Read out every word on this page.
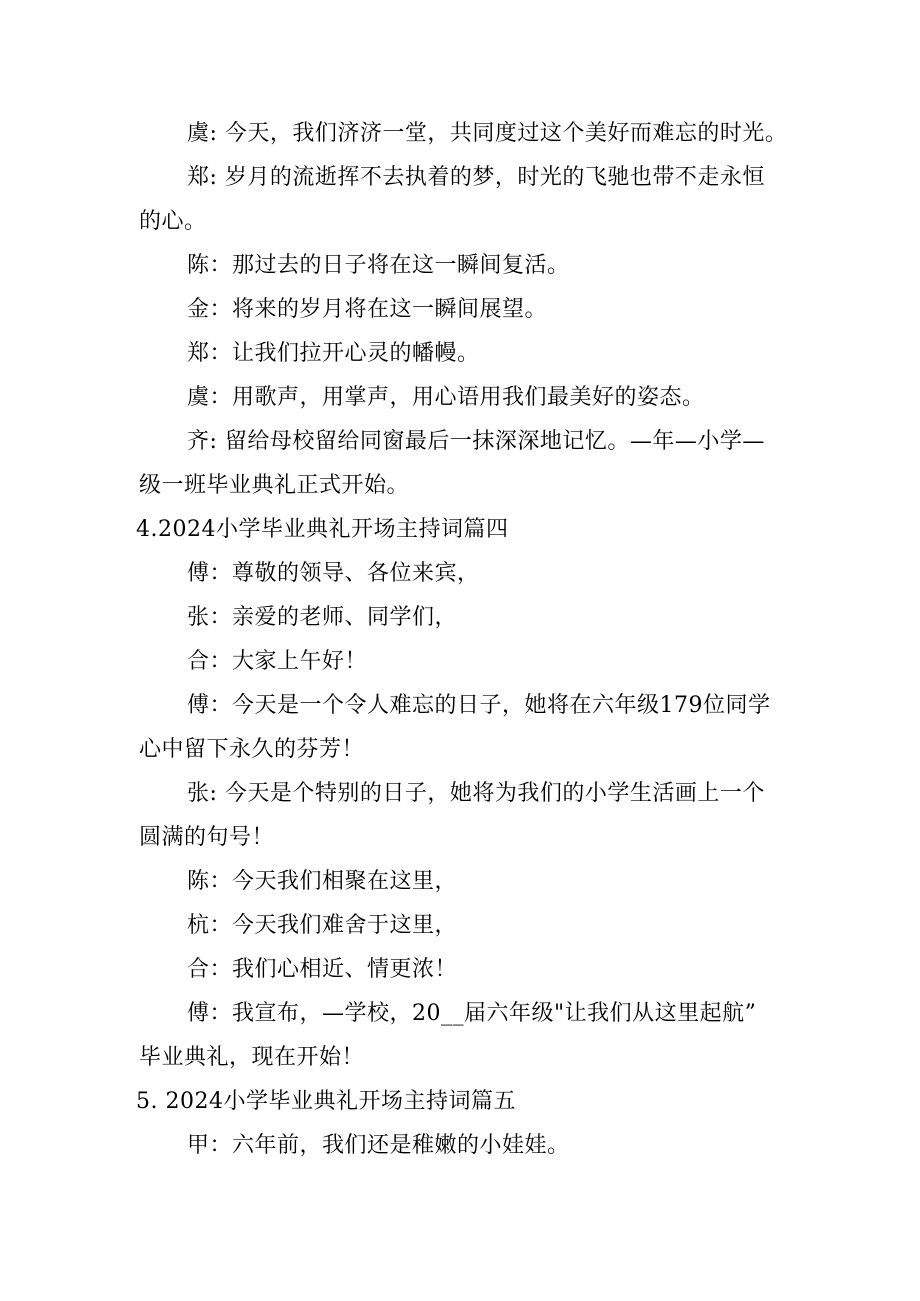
虞: 今天，我们济济一堂，共同度过这个美好而难忘的时光。
郑: 岁月的流逝挥不去执着的梦，时光的飞驰也带不走永恒
的心。
陈：那过去的日子将在这一瞬间复活。
金：将来的岁月将在这一瞬间展望。
郑：让我们拉开心灵的幡幔。
虞：用歌声，用掌声，用心语用我们最美好的姿态。
齐: 留给母校留给同窗最后一抹深深地记忆。—年—小学—
级一班毕业典礼正式开始。
4.2024小学毕业典礼开场主持词篇四
傅：尊敬的领导、各位来宾，
张：亲爱的老师、同学们，
合：大家上午好！
傅：今天是一个令人难忘的日子，她将在六年级179位同学
心中留下永久的芬芳！
张: 今天是个特别的日子，她将为我们的小学生活画上一个
圆满的句号！
陈：今天我们相聚在这里，
杭：今天我们难舍于这里，
合：我们心相近、情更浓！
傅：我宣布，—学校，20__届六年级"让我们从这里起航”
毕业典礼，现在开始！
5. 2024小学毕业典礼开场主持词篇五
甲：六年前，我们还是稚嫩的小娃娃。
